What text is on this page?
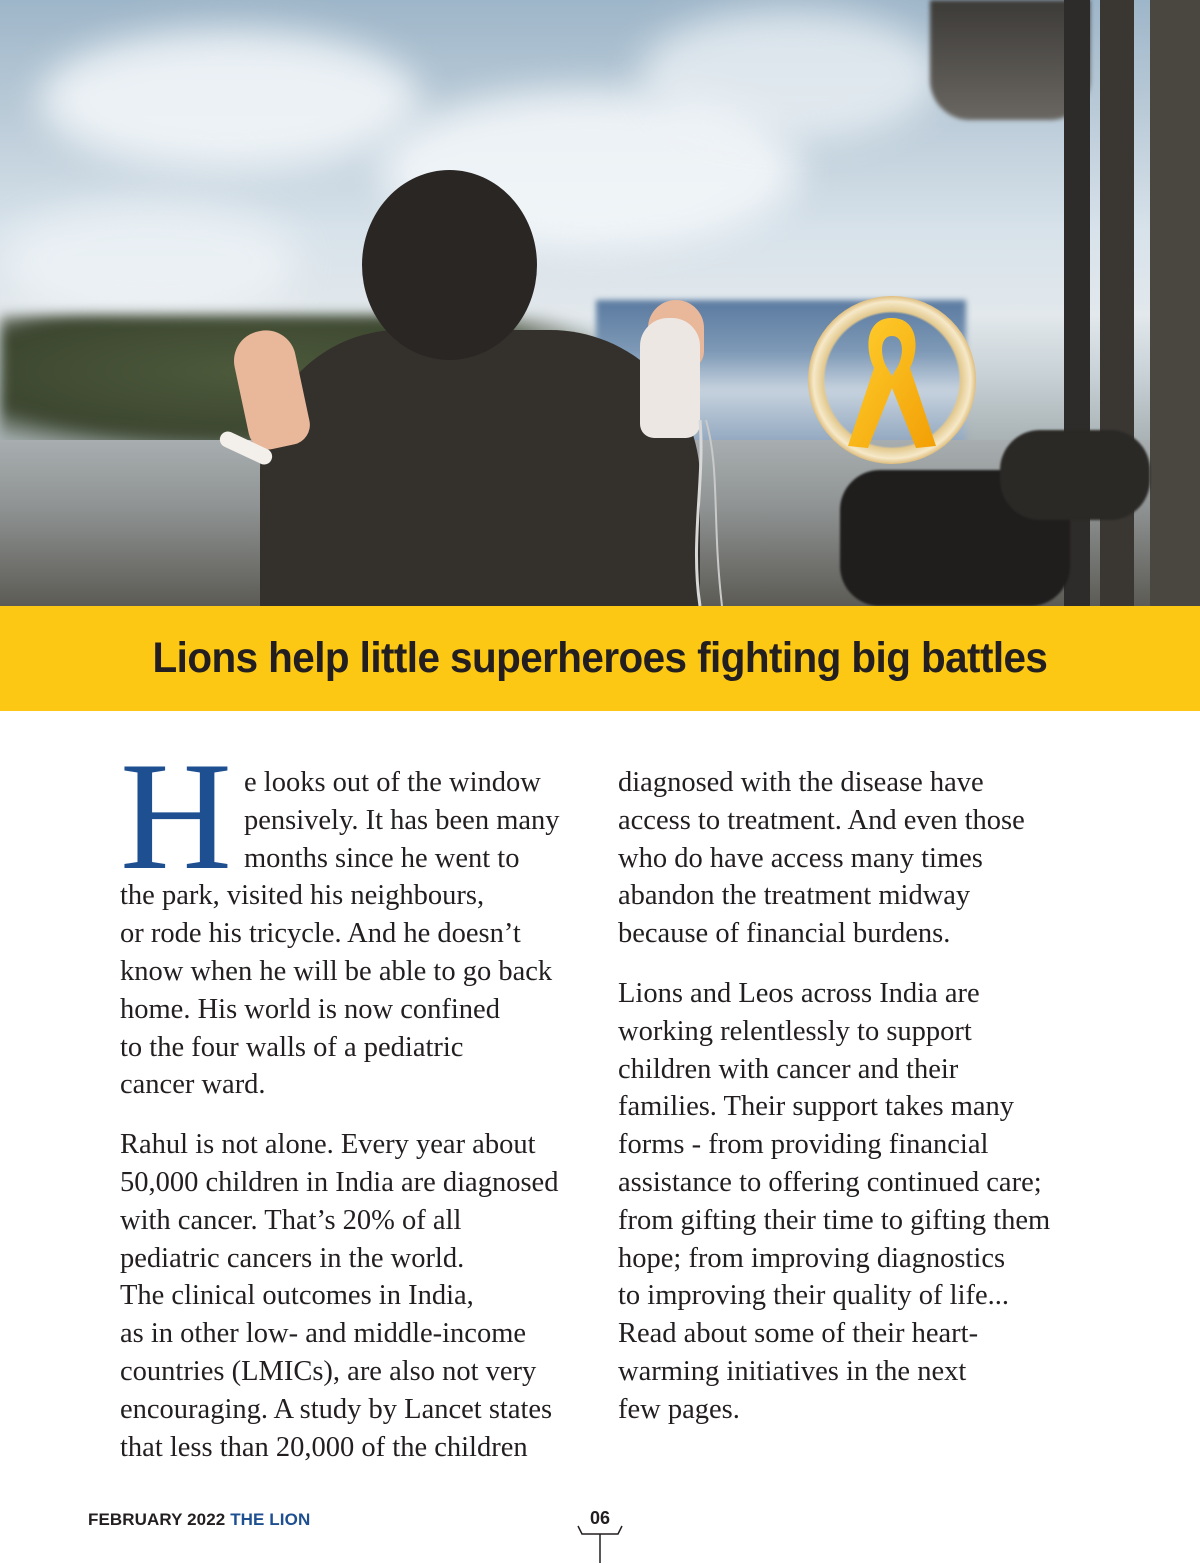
Lions help little superheroes fighting big battles

H e looks out of the window
pensively. It has been many
months since he went to
the park, visited his neighbours,
or rode his tricycle. And he doesn’t
know when he will be able to go back
home. His world is now confined
to the four walls of a pediatric
cancer ward.

Rahul is not alone. Every year about
50,000 children in India are diagnosed
with cancer. That’s 20% of all
pediatric cancers in the world.
The clinical outcomes in India,
as in other low- and middle-income
countries (LMICs), are also not very
encouraging. A study by Lancet states
that less than 20,000 of the children

diagnosed with the disease have
access to treatment. And even those
who do have access many times
abandon the treatment midway
because of financial burdens.

Lions and Leos across India are
working relentlessly to support
children with cancer and their
families. Their support takes many
forms - from providing financial
assistance to offering continued care;
from gifting their time to gifting them
hope; from improving diagnostics
to improving their quality of life...
Read about some of their heart-
warming initiatives in the next
few pages.

FEBRUARY 2022 THE LION	06
